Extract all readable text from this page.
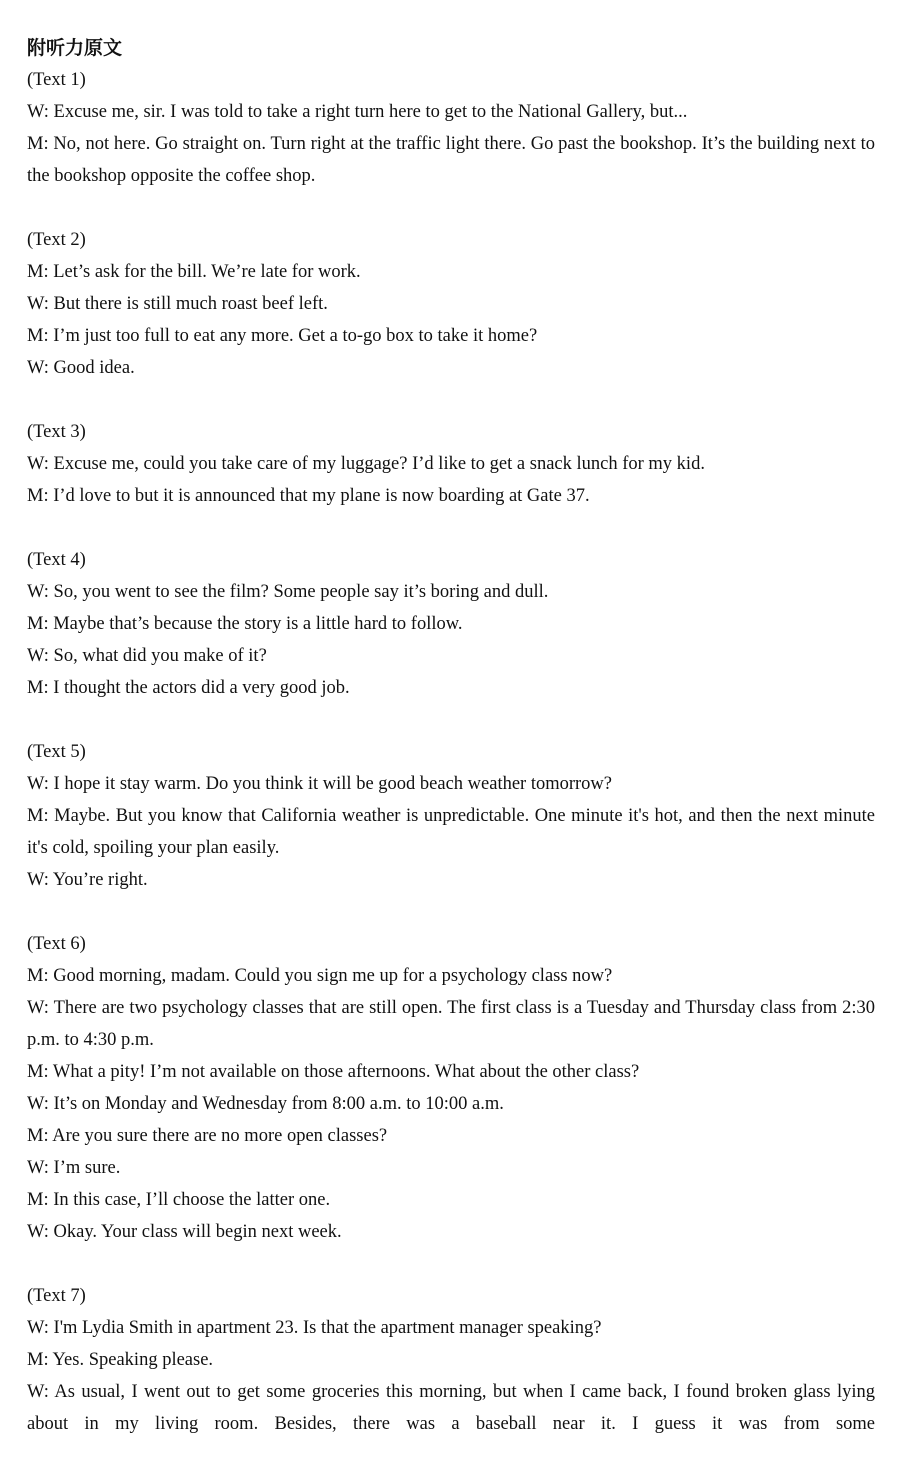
附听力原文

(Text 1)

W: Excuse me, sir. I was told to take a right turn here to get to the National Gallery, but...

M: No, not here. Go straight on. Turn right at the traffic light there. Go past the bookshop. It’s the building next to the bookshop opposite the coffee shop.

(Text 2)

M: Let’s ask for the bill. We’re late for work.

W: But there is still much roast beef left.

M: I’m just too full to eat any more. Get a to-go box to take it home?

W: Good idea.

(Text 3)

W: Excuse me, could you take care of my luggage? I’d like to get a snack lunch for my kid.

M: I’d love to but it is announced that my plane is now boarding at Gate 37.

(Text 4)

W: So, you went to see the film? Some people say it’s boring and dull.

M: Maybe that’s because the story is a little hard to follow.

W: So, what did you make of it?

M: I thought the actors did a very good job.

(Text 5)

W: I hope it stay warm. Do you think it will be good beach weather tomorrow?

M: Maybe. But you know that California weather is unpredictable. One minute it's hot, and then the next minute it's cold, spoiling your plan easily.

W: You’re right.

(Text 6)

M: Good morning, madam. Could you sign me up for a psychology class now?

W: There are two psychology classes that are still open. The first class is a Tuesday and Thursday class from 2:30 p.m. to 4:30 p.m.

M: What a pity! I’m not available on those afternoons. What about the other class?

W: It’s on Monday and Wednesday from 8:00 a.m. to 10:00 a.m.

M: Are you sure there are no more open classes?

W: I’m sure.

M: In this case, I’ll choose the latter one.

W: Okay. Your class will begin next week.

(Text 7)

W: I'm Lydia Smith in apartment 23. Is that the apartment manager speaking?

M: Yes. Speaking please.

W: As usual, I went out to get some groceries this morning, but when I came back, I found broken glass lying about in my living room. Besides, there was a baseball near it. I guess it was from some
